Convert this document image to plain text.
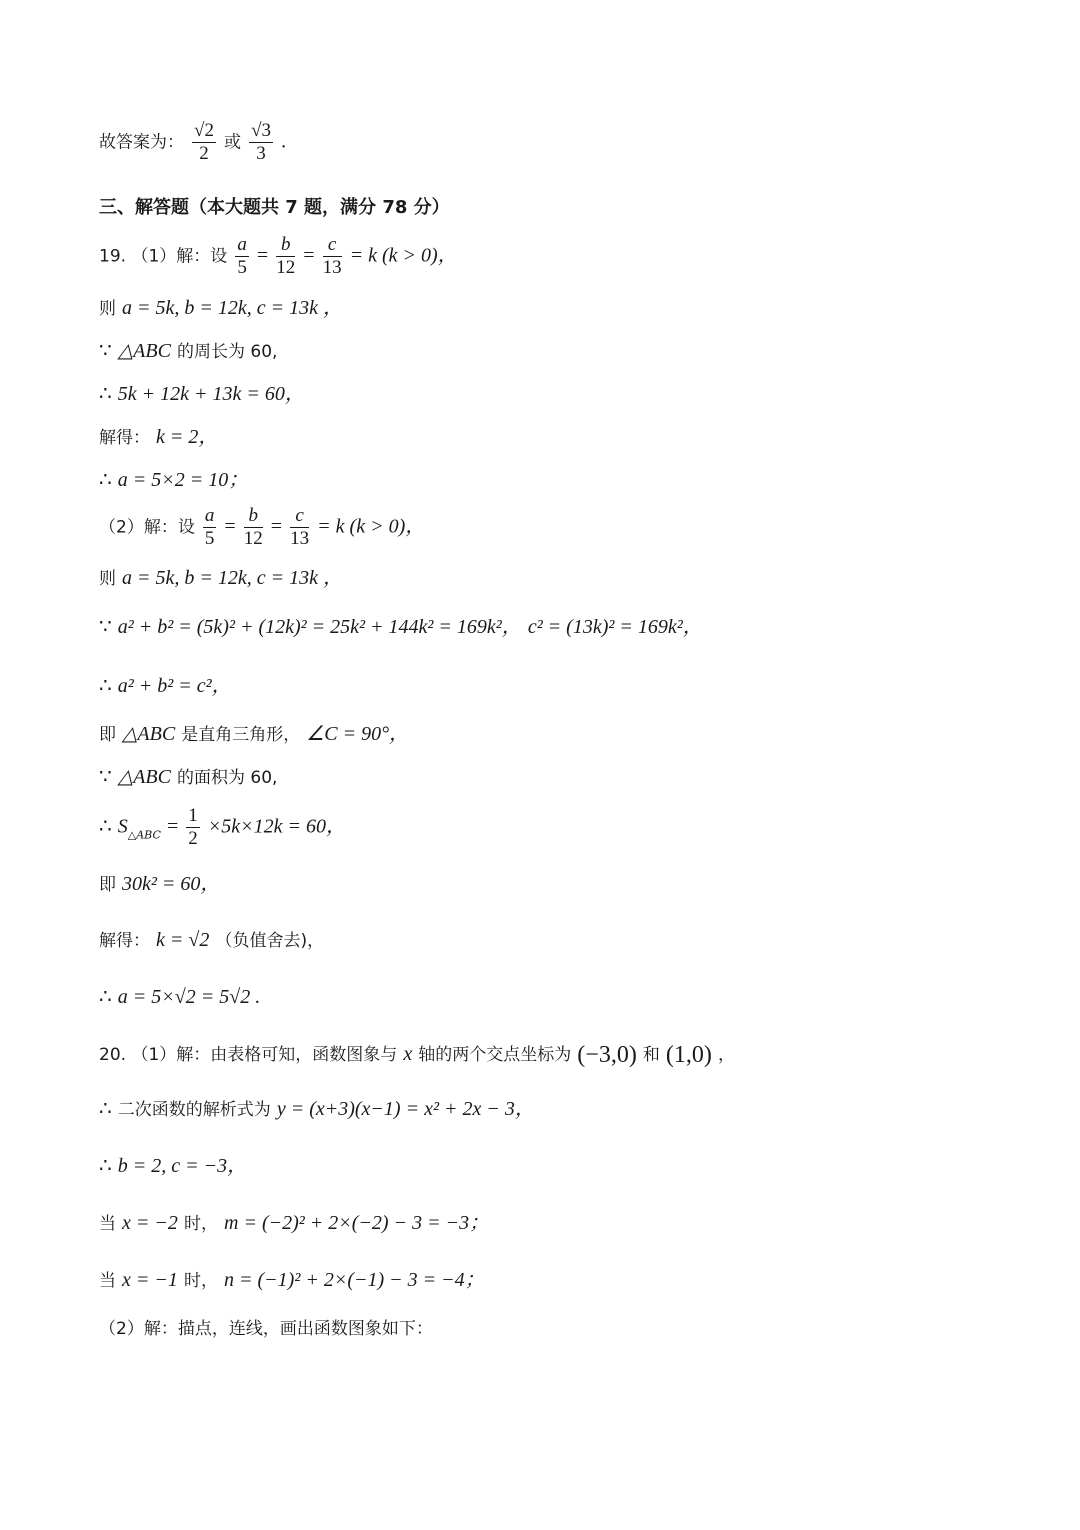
故答案为： $\frac{√2}{2}$ 或 $\frac{√3}{3}$ .
三、解答题（本大题共 7 题，满分 78 分）
19. （1）解：设 $\frac{a}{5} = \frac{b}{12} = \frac{c}{13} = k$ (k > 0)，
则 a = 5k, b = 12k, c = 13k ，
∵ △ABC 的周长为 60,
∴ 5k + 12k + 13k = 60，
解得： k = 2，
∴ a = 5×2 = 10；
（2）解：设 $\frac{a}{5} = \frac{b}{12} = \frac{c}{13} = k$ (k > 0)，
则 a = 5k, b = 12k, c = 13k ，
∵ a² + b² = (5k)² + (12k)² = 25k² + 144k² = 169k²， c² = (13k)² = 169k²，
∴ a² + b² = c²，
即 △ABC 是直角三角形， ∠C = 90°，
∵ △ABC 的面积为 60,
∴ $S_{\triangle ABC} = \frac{1}{2} \times 5k\times 12k = 60$，
即 30k² = 60，
解得： k = √2 （负值舍去)，
∴ a = 5×√2 = 5√2 .
20. （1）解：由表格可知，函数图象与 x 轴的两个交点坐标为 (−3,0) 和 (1,0) ，
∴ 二次函数的解析式为 y = (x+3)(x−1) = x² + 2x − 3，
∴ b = 2, c = −3，
当 x = −2 时， m = (−2)² + 2×(−2) − 3 = −3；
当 x = −1 时， n = (−1)² + 2×(−1) − 3 = −4；
（2）解：描点，连线，画出函数图象如下：
